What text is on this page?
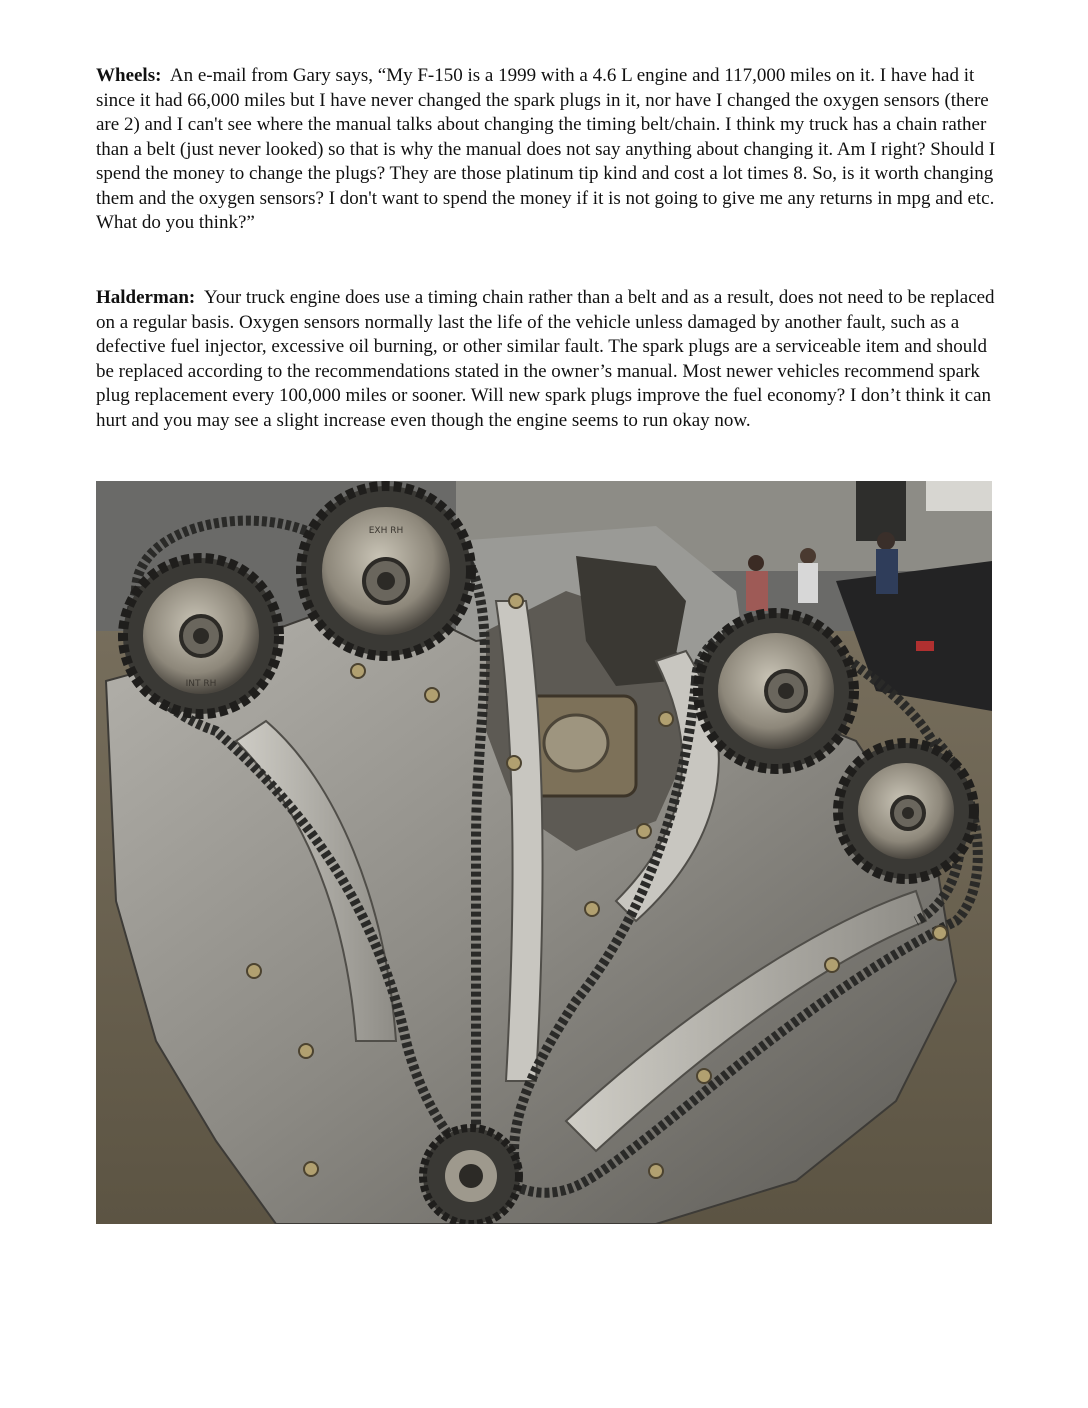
Wheels: An e-mail from Gary says, “My F-150 is a 1999 with a 4.6 L engine and 117,000 miles on it. I have had it since it had 66,000 miles but I have never changed the spark plugs in it, nor have I changed the oxygen sensors (there are 2) and I can't see where the manual talks about changing the timing belt/chain. I think my truck has a chain rather than a belt (just never looked) so that is why the manual does not say anything about changing it. Am I right? Should I spend the money to change the plugs? They are those platinum tip kind and cost a lot times 8. So, is it worth changing them and the oxygen sensors? I don't want to spend the money if it is not going to give me any returns in mpg and etc. What do you think?”

Halderman: Your truck engine does use a timing chain rather than a belt and as a result, does not need to be replaced on a regular basis. Oxygen sensors normally last the life of the vehicle unless damaged by another fault, such as a defective fuel injector, excessive oil burning, or other similar fault. The spark plugs are a serviceable item and should be replaced according to the recommendations stated in the owner’s manual. Most newer vehicles recommend spark plug replacement every 100,000 miles or sooner. Will new spark plugs improve the fuel economy? I don’t think it can hurt and you may see a slight increase even though the engine seems to run okay now.

INT RH
EXH RH
